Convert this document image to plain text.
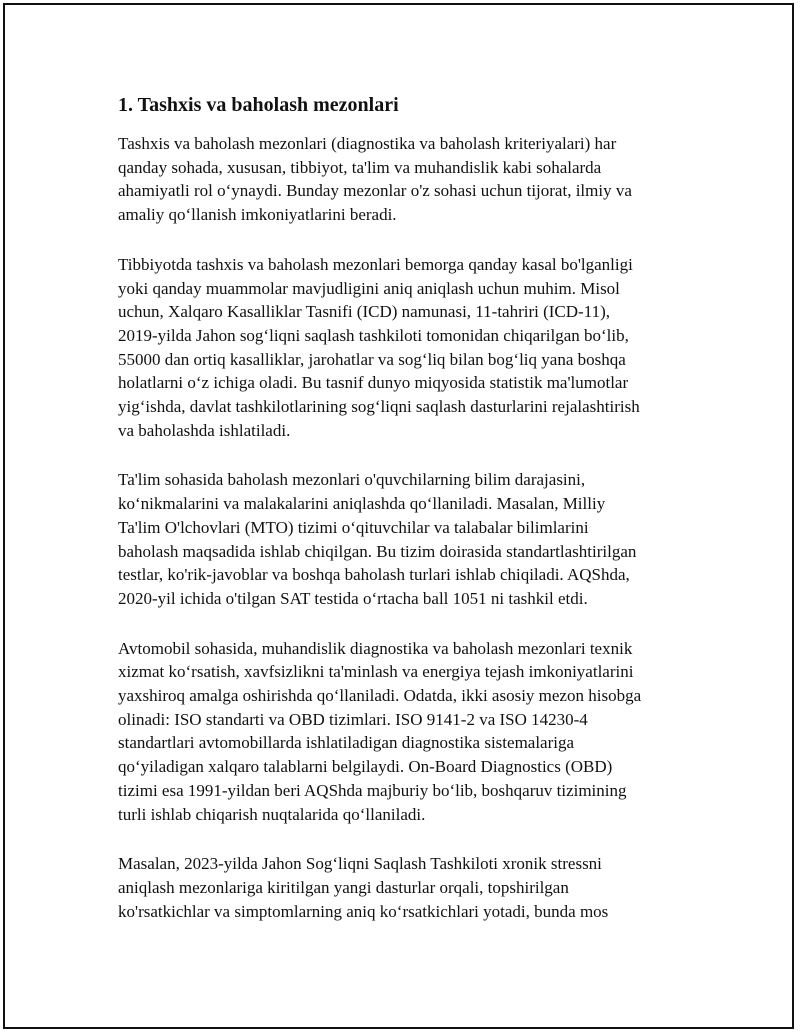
1. Tashxis va baholash mezonlari
Tashxis va baholash mezonlari (diagnostika va baholash kriteriyalari) har
qanday sohada, xususan, tibbiyot, ta'lim va muhandislik kabi sohalarda
ahamiyatli rol oʻynaydi. Bunday mezonlar o'z sohasi uchun tijorat, ilmiy va
amaliy qoʻllanish imkoniyatlarini beradi.
Tibbiyotda tashxis va baholash mezonlari bemorga qanday kasal bo'lganligi
yoki qanday muammolar mavjudligini aniq aniqlash uchun muhim. Misol
uchun, Xalqaro Kasalliklar Tasnifi (ICD) namunasi, 11-tahriri (ICD-11),
2019-yilda Jahon sogʻliqni saqlash tashkiloti tomonidan chiqarilgan boʻlib,
55000 dan ortiq kasalliklar, jarohatlar va sogʻliq bilan bogʻliq yana boshqa
holatlarni oʻz ichiga oladi. Bu tasnif dunyo miqyosida statistik ma'lumotlar
yigʻishda, davlat tashkilotlarining sogʻliqni saqlash dasturlarini rejalashtirish
va baholashda ishlatiladi.
Ta'lim sohasida baholash mezonlari o'quvchilarning bilim darajasini,
koʻnikmalarini va malakalarini aniqlashda qoʻllaniladi. Masalan, Milliy
Ta'lim O'lchovlari (MTO) tizimi oʻqituvchilar va talabalar bilimlarini
baholash maqsadida ishlab chiqilgan. Bu tizim doirasida standartlashtirilgan
testlar, ko'rik-javoblar va boshqa baholash turlari ishlab chiqiladi. AQShda,
2020-yil ichida o'tilgan SAT testida oʻrtacha ball 1051 ni tashkil etdi.
Avtomobil sohasida, muhandislik diagnostika va baholash mezonlari texnik
xizmat koʻrsatish, xavfsizlikni ta'minlash va energiya tejash imkoniyatlarini
yaxshiroq amalga oshirishda qoʻllaniladi. Odatda, ikki asosiy mezon hisobga
olinadi: ISO standarti va OBD tizimlari. ISO 9141-2 va ISO 14230-4
standartlari avtomobillarda ishlatiladigan diagnostika sistemalariga
qoʻyiladigan xalqaro talablarni belgilaydi. On-Board Diagnostics (OBD)
tizimi esa 1991-yildan beri AQShda majburiy boʻlib, boshqaruv tizimining
turli ishlab chiqarish nuqtalarida qoʻllaniladi.
Masalan, 2023-yilda Jahon Sogʻliqni Saqlash Tashkiloti xronik stressni
aniqlash mezonlariga kiritilgan yangi dasturlar orqali, topshirilgan
ko'rsatkichlar va simptomlarning aniq koʻrsatkichlari yotadi, bunda mos
